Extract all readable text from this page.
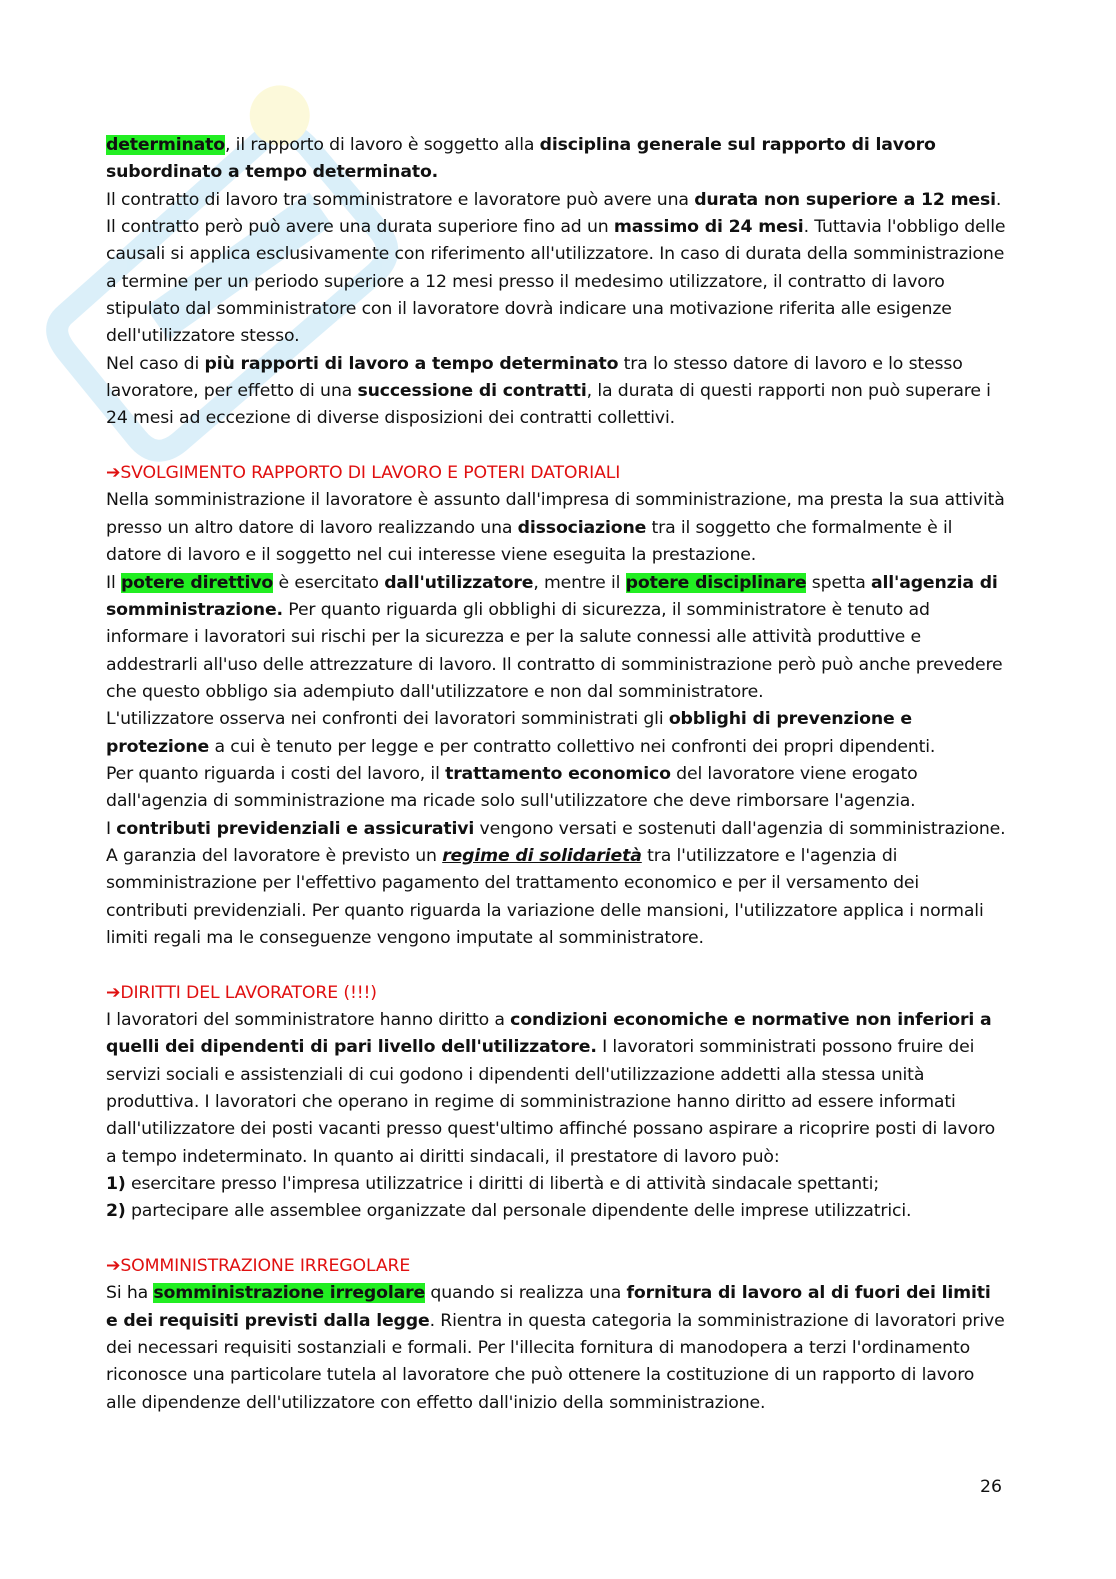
determinato, il rapporto di lavoro è soggetto alla disciplina generale sul rapporto di lavoro subordinato a tempo determinato.

Il contratto di lavoro tra somministratore e lavoratore può avere una durata non superiore a 12 mesi. Il contratto però può avere una durata superiore fino ad un massimo di 24 mesi. Tuttavia l'obbligo delle causali si applica esclusivamente con riferimento all'utilizzatore. In caso di durata della somministrazione a termine per un periodo superiore a 12 mesi presso il medesimo utilizzatore, il contratto di lavoro stipulato dal somministratore con il lavoratore dovrà indicare una motivazione riferita alle esigenze dell'utilizzatore stesso.

Nel caso di più rapporti di lavoro a tempo determinato tra lo stesso datore di lavoro e lo stesso lavoratore, per effetto di una successione di contratti, la durata di questi rapporti non può superare i 24 mesi ad eccezione di diverse disposizioni dei contratti collettivi.

➔SVOLGIMENTO RAPPORTO DI LAVORO E POTERI DATORIALI

Nella somministrazione il lavoratore è assunto dall'impresa di somministrazione, ma presta la sua attività presso un altro datore di lavoro realizzando una dissociazione tra il soggetto che formalmente è il datore di lavoro e il soggetto nel cui interesse viene eseguita la prestazione.

Il potere direttivo è esercitato dall'utilizzatore, mentre il potere disciplinare spetta all'agenzia di somministrazione. Per quanto riguarda gli obblighi di sicurezza, il somministratore è tenuto ad informare i lavoratori sui rischi per la sicurezza e per la salute connessi alle attività produttive e addestrarli all'uso delle attrezzature di lavoro. Il contratto di somministrazione però può anche prevedere che questo obbligo sia adempiuto dall'utilizzatore e non dal somministratore.

L'utilizzatore osserva nei confronti dei lavoratori somministrati gli obblighi di prevenzione e protezione a cui è tenuto per legge e per contratto collettivo nei confronti dei propri dipendenti.

Per quanto riguarda i costi del lavoro, il trattamento economico del lavoratore viene erogato dall'agenzia di somministrazione ma ricade solo sull'utilizzatore che deve rimborsare l'agenzia.

I contributi previdenziali e assicurativi vengono versati e sostenuti dall'agenzia di somministrazione. A garanzia del lavoratore è previsto un regime di solidarietà tra l'utilizzatore e l'agenzia di somministrazione per l'effettivo pagamento del trattamento economico e per il versamento dei contributi previdenziali. Per quanto riguarda la variazione delle mansioni, l'utilizzatore applica i normali limiti regali ma le conseguenze vengono imputate al somministratore.

➔DIRITTI DEL LAVORATORE (!!!)

I lavoratori del somministratore hanno diritto a condizioni economiche e normative non inferiori a quelli dei dipendenti di pari livello dell'utilizzatore. I lavoratori somministrati possono fruire dei servizi sociali e assistenziali di cui godono i dipendenti dell'utilizzazione addetti alla stessa unità produttiva. I lavoratori che operano in regime di somministrazione hanno diritto ad essere informati dall'utilizzatore dei posti vacanti presso quest'ultimo affinché possano aspirare a ricoprire posti di lavoro a tempo indeterminato. In quanto ai diritti sindacali, il prestatore di lavoro può:

1) esercitare presso l'impresa utilizzatrice i diritti di libertà e di attività sindacale spettanti;

2) partecipare alle assemblee organizzate dal personale dipendente delle imprese utilizzatrici.

➔SOMMINISTRAZIONE IRREGOLARE

Si ha somministrazione irregolare quando si realizza una fornitura di lavoro al di fuori dei limiti e dei requisiti previsti dalla legge. Rientra in questa categoria la somministrazione di lavoratori prive dei necessari requisiti sostanziali e formali. Per l'illecita fornitura di manodopera a terzi l'ordinamento riconosce una particolare tutela al lavoratore che può ottenere la costituzione di un rapporto di lavoro alle dipendenze dell'utilizzatore con effetto dall'inizio della somministrazione.

26
